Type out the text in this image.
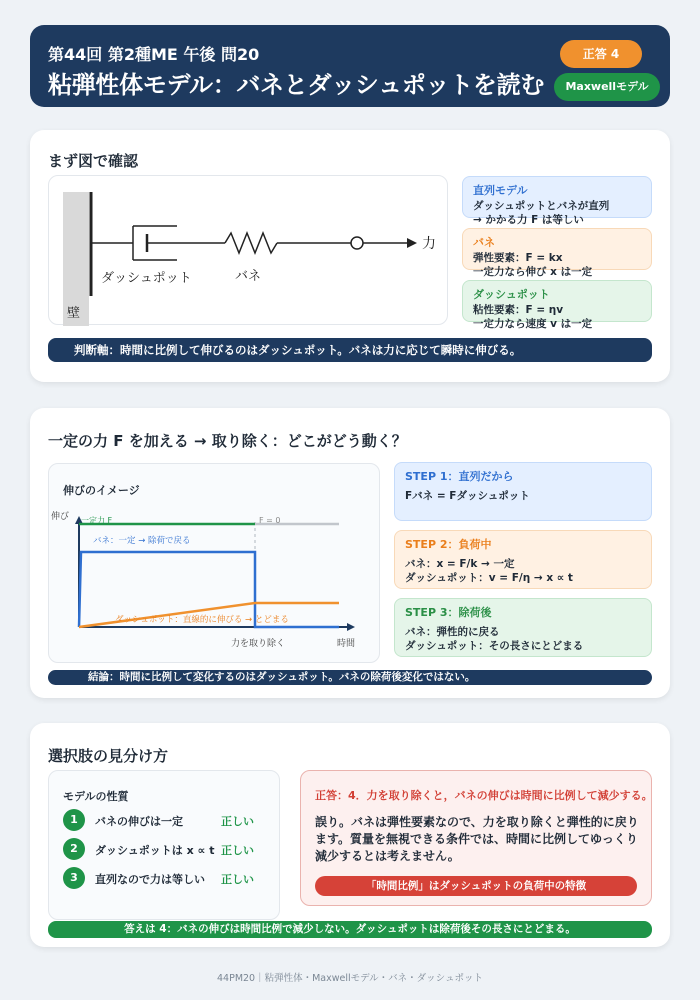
第44回 第2種ME 午後 問20
粘弾性体モデル：バネとダッシュポットを読む
正答 4
Maxwellモデル
まず図で確認
力
ダッシュポット	バネ
壁
直列モデル
ダッシュポットとバネが直列
→ かかる力 F は等しい
バネ
弾性要素：F = kx
一定力なら伸び x は一定
ダッシュポット
粘性要素：F = ηv
一定力なら速度 v は一定
判断軸：時間に比例して伸びるのはダッシュポット。バネは力に応じて瞬時に伸びる。
一定の力 F を加える → 取り除く：どこがどう動く？
伸びのイメージ
伸び
時間
力を取り除く
一定力 F	F = 0
バネ：一定 → 除荷で戻る
ダッシュポット：直線的に伸びる → とどまる
STEP 1：直列だから
Fバネ = Fダッシュポット
STEP 2：負荷中
バネ：x = F/k → 一定
ダッシュポット：v = F/η → x ∝ t
STEP 3：除荷後
バネ：弾性的に戻る
ダッシュポット：その長さにとどまる
結論：時間に比例して変化するのはダッシュポット。バネの除荷後変化ではない。
選択肢の見分け方
モデルの性質
1	バネの伸びは一定	正しい
2	ダッシュポットは x ∝ t 正しい
3	直列なので力は等しい 正しい
正答：4．力を取り除くと，バネの伸びは時間に比例して減少する。
誤り。バネは弾性要素なので、力を取り除くと弾性的に戻ります。質量を無視できる条件では、時間に比例してゆっくり減少するとは考えません。
「時間比例」はダッシュポットの負荷中の特徴
答えは 4：バネの伸びは時間比例で減少しない。ダッシュポットは除荷後その長さにとどまる。
44PM20｜粘弾性体・Maxwellモデル・バネ・ダッシュポット
